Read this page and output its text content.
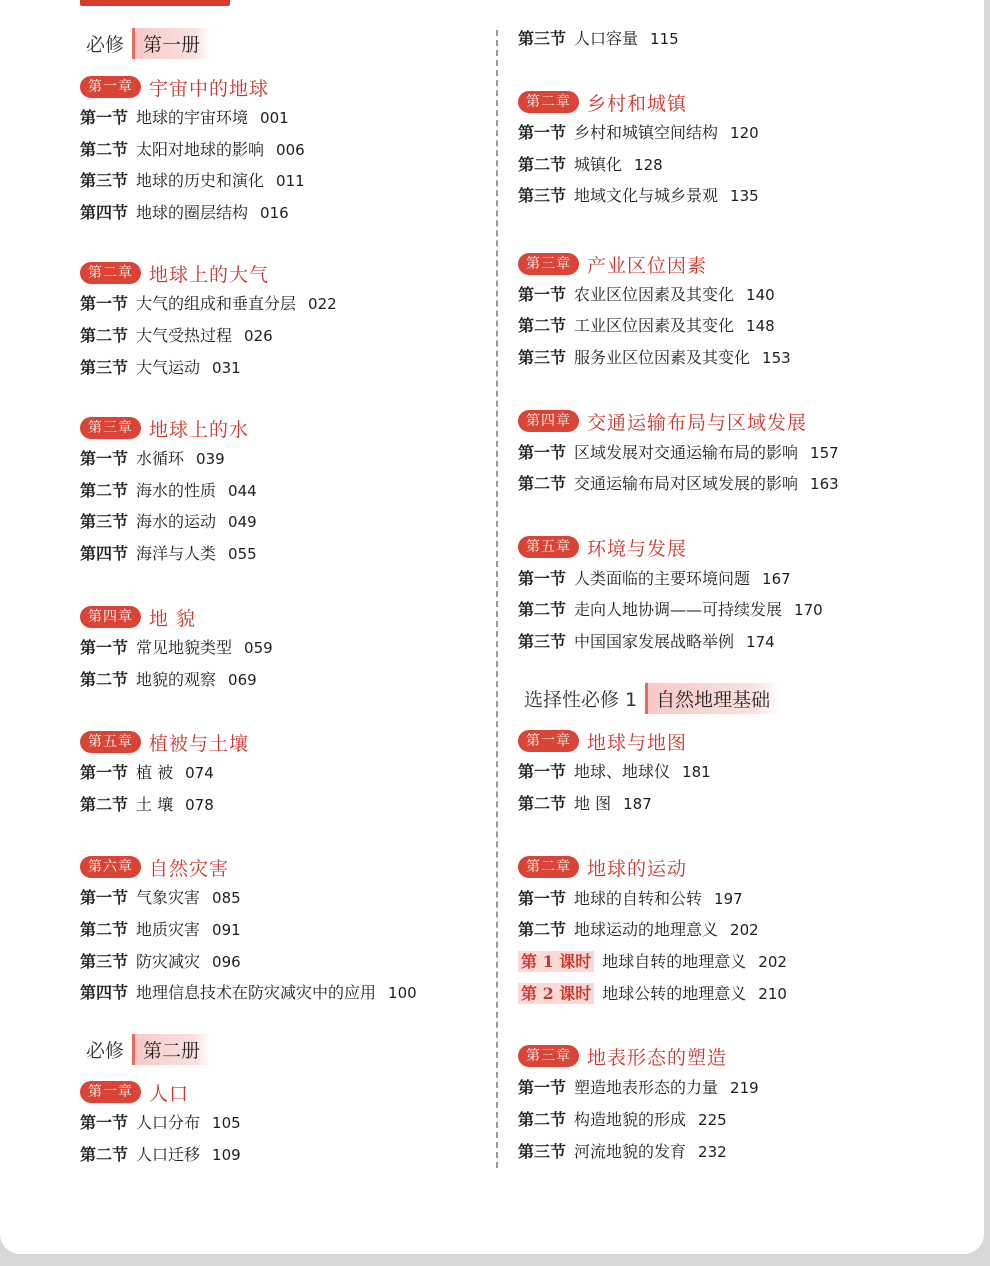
必修	第一册
第一章 宇宙中的地球
第一节 地球的宇宙环境 001
第二节 太阳对地球的影响 006
第三节 地球的历史和演化 011
第四节 地球的圈层结构 016
第二章 地球上的大气
第一节 大气的组成和垂直分层 022
第二节 大气受热过程 026
第三节 大气运动 031
第三章 地球上的水
第一节 水循环 039
第二节 海水的性质 044
第三节 海水的运动 049
第四节 海洋与人类 055
第四章 地 貌
第一节 常见地貌类型 059
第二节 地貌的观察 069
第五章 植被与土壤
第一节 植 被 074
第二节 土 壤 078
第六章 自然灾害
第一节 气象灾害 085
第二节 地质灾害 091
第三节 防灾减灾 096
第四节 地理信息技术在防灾减灾中的应用 100
必修	第二册
第一章 人口
第一节 人口分布 105
第二节 人口迁移 109
第三节 人口容量 115
第二章 乡村和城镇
第一节 乡村和城镇空间结构 120
第二节 城镇化 128
第三节 地域文化与城乡景观 135
第三章 产业区位因素
第一节 农业区位因素及其变化 140
第二节 工业区位因素及其变化 148
第三节 服务业区位因素及其变化 153
第四章 交通运输布局与区域发展
第一节 区域发展对交通运输布局的影响 157
第二节 交通运输布局对区域发展的影响 163
第五章 环境与发展
第一节 人类面临的主要环境问题 167
第二节 走向人地协调——可持续发展 170
第三节 中国国家发展战略举例 174
选择性必修 1	自然地理基础
第一章 地球与地图
第一节 地球、地球仪 181
第二节 地 图 187
第二章 地球的运动
第一节 地球的自转和公转 197
第二节 地球运动的地理意义 202
第 1 课时 地球自转的地理意义 202
第 2 课时 地球公转的地理意义 210
第三章 地表形态的塑造
第一节 塑造地表形态的力量 219
第二节 构造地貌的形成 225
第三节 河流地貌的发育 232
